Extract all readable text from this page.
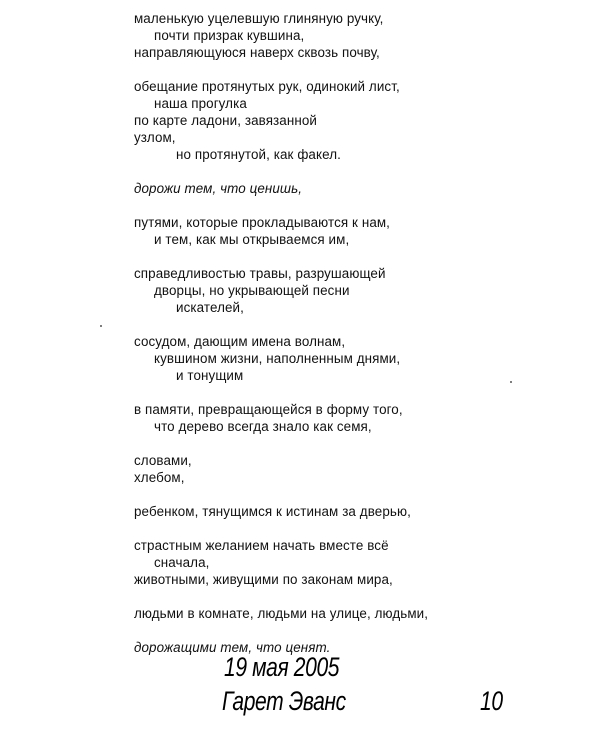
маленькую уцелевшую глиняную ручку,
почти призрак кувшина,
направляющуюся наверх сквозь почву,
обещание протянутых рук, одинокий лист,
наша прогулка
по карте ладони, завязанной
узлом,
но протянутой, как факел.
дорожи тем, что ценишь,
путями, которые прокладываются к нам,
и тем, как мы открываемся им,
справедливостью травы, разрушающей
дворцы, но укрывающей песни
искателей,
сосудом, дающим имена волнам,
кувшином жизни, наполненным днями,
и тонущим
в памяти, превращающейся в форму того,
что дерево всегда знало как семя,
словами,
хлебом,
ребенком, тянущимся к истинам за дверью,
страстным желанием начать вместе всё
сначала,
животными, живущими по законам мира,
людьми в комнате, людьми на улице, людьми,
дорожащими тем, что ценят.
19 мая 2005
Гарет Эванс	10
